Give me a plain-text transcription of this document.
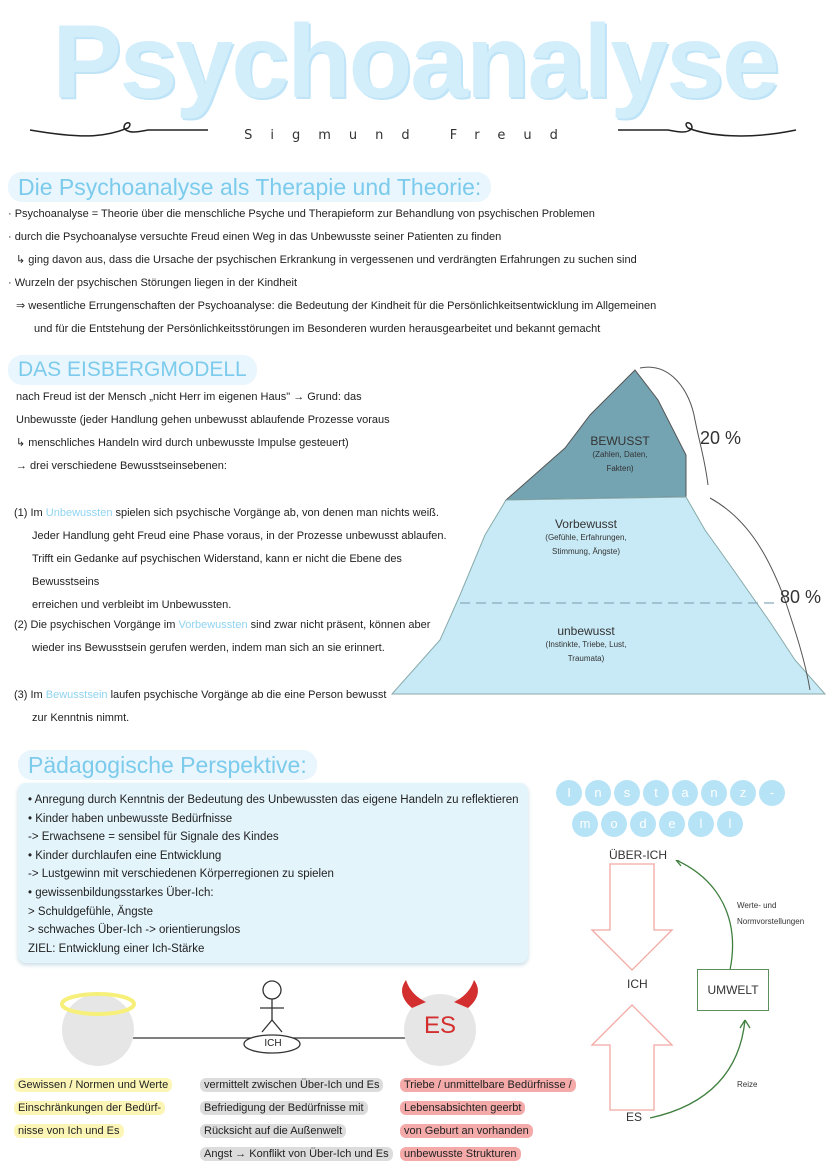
Psychoanalyse
Sigmund Freud
Die Psychoanalyse als Therapie und Theorie:
· Psychoanalyse = Theorie über die menschliche Psyche und Therapieform zur Behandlung von psychischen Problemen
· durch die Psychoanalyse versuchte Freud einen Weg in das Unbewusste seiner Patienten zu finden
↳ ging davon aus, dass die Ursache der psychischen Erkrankung in vergessenen und verdrängten Erfahrungen zu suchen sind
· Wurzeln der psychischen Störungen liegen in der Kindheit
⇒ wesentliche Errungenschaften der Psychoanalyse: die Bedeutung der Kindheit für die Persönlichkeitsentwicklung im Allgemeinen
und für die Entstehung der Persönlichkeitsstörungen im Besonderen wurden herausgearbeitet und bekannt gemacht
DAS EISBERGMODELL
nach Freud ist der Mensch „nicht Herr im eigenen Haus" → Grund: das
Unbewusste (jeder Handlung gehen unbewusst ablaufende Prozesse voraus
↳ menschliches Handeln wird durch unbewusste Impulse gesteuert)
→ drei verschiedene Bewusstseinsebenen:
(1) Im Unbewussten spielen sich psychische Vorgänge ab, von denen man nichts weiß.
Jeder Handlung geht Freud eine Phase voraus, in der Prozesse unbewusst ablaufen.
Trifft ein Gedanke auf psychischen Widerstand, kann er nicht die Ebene des Bewusstseins
erreichen und verbleibt im Unbewussten.
(2) Die psychischen Vorgänge im Vorbewussten sind zwar nicht präsent, können aber
wieder ins Bewusstsein gerufen werden, indem man sich an sie erinnert.
(3) Im Bewusstsein laufen psychische Vorgänge ab die eine Person bewusst
zur Kenntnis nimmt.
BEWUSST
(Zahlen, Daten,
Fakten)
Vorbewusst
(Gefühle, Erfahrungen,
Stimmung, Ängste)
unbewusst
(Instinkte, Triebe, Lust,
Traumata)
20 %
80 %
Pädagogische Perspektive:
• Anregung durch Kenntnis der Bedeutung des Unbewussten das eigene Handeln zu reflektieren
• Kinder haben unbewusste Bedürfnisse
-> Erwachsene = sensibel für Signale des Kindes
• Kinder durchlaufen eine Entwicklung
-> Lustgewinn mit verschiedenen Körperregionen zu spielen
• gewissenbildungsstarkes Über-Ich:
> Schuldgefühle, Ängste
> schwaches Über-Ich -> orientierungslos
ZIEL: Entwicklung einer Ich-Stärke
I	n	s	t	a	n	z	-
m	o	d	e	l	l
ÜBER-ICH
ICH
ES
UMWELT
Werte- und
Normvorstellungen
Reize
ICH
ES
Gewissen / Normen und Werte
Einschränkungen der Bedürf-
nisse von Ich und Es
vermittelt zwischen Über-Ich und Es
Befriedigung der Bedürfnisse mit
Rücksicht auf die Außenwelt
Angst → Konflikt von Über-Ich und Es
Triebe / unmittelbare Bedürfnisse /
Lebensabsichten geerbt
von Geburt an vorhanden
unbewusste Strukturen
